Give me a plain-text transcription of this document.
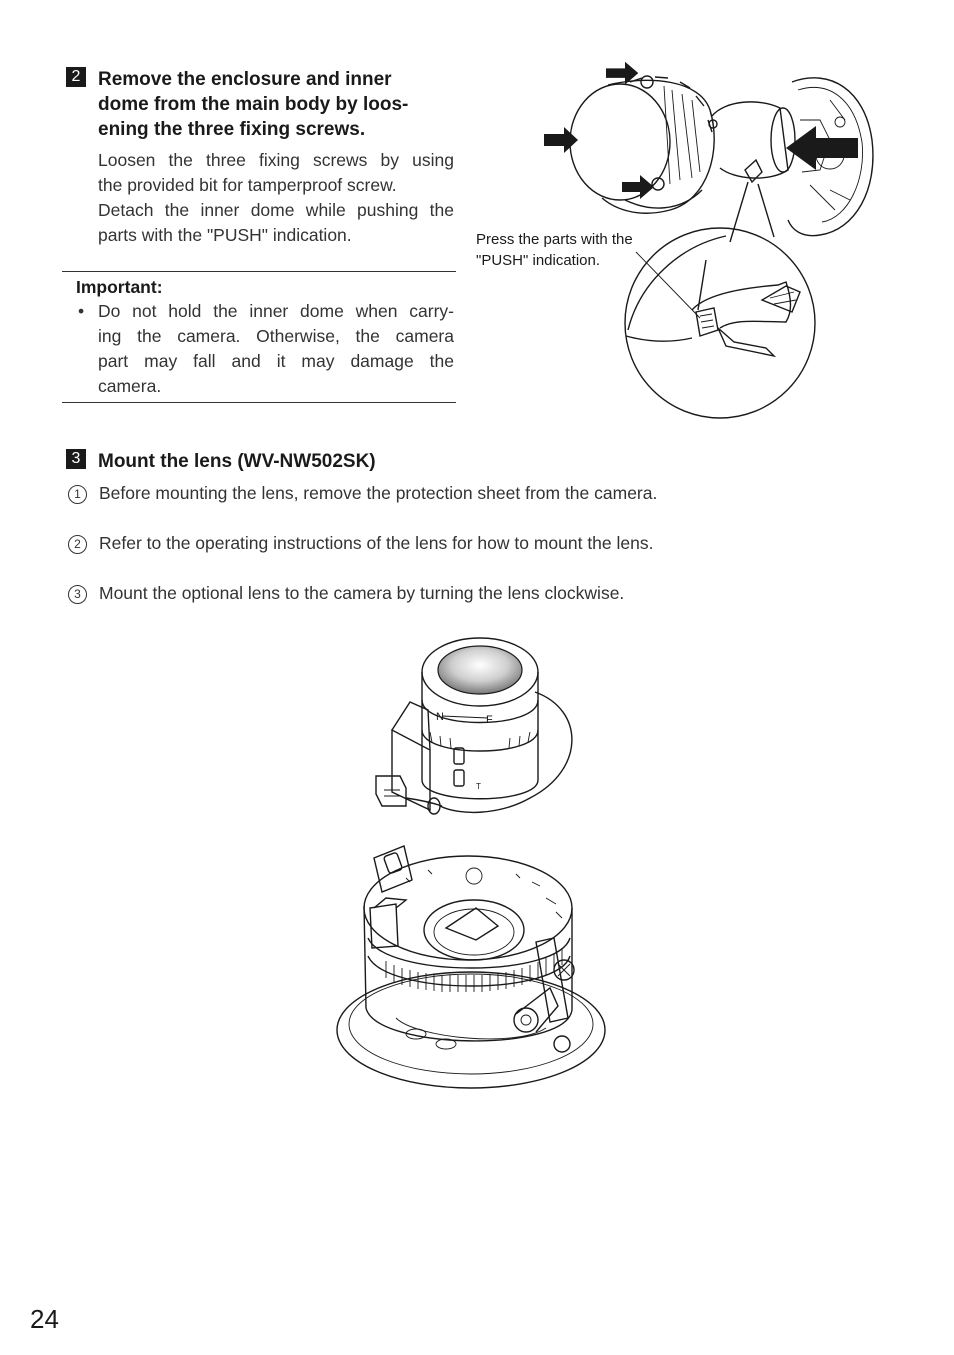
2 Remove the enclosure and inner
dome from the main body by loos-
ening the three fixing screws.
Loosen the three fixing screws by using
the provided bit for tamperproof screw.
Detach the inner dome while pushing the
parts with the "PUSH" indication.
Important:
• Do not hold the inner dome when carry-
ing the camera. Otherwise, the camera
part may fall and it may damage the
camera.
Press the parts with the
"PUSH" indication.
3 Mount the lens (WV-NW502SK)
1 Before mounting the lens, remove the protection sheet from the camera.
2 Refer to the operating instructions of the lens for how to mount the lens.
3 Mount the optional lens to the camera by turning the lens clockwise.
N	F
T
24
